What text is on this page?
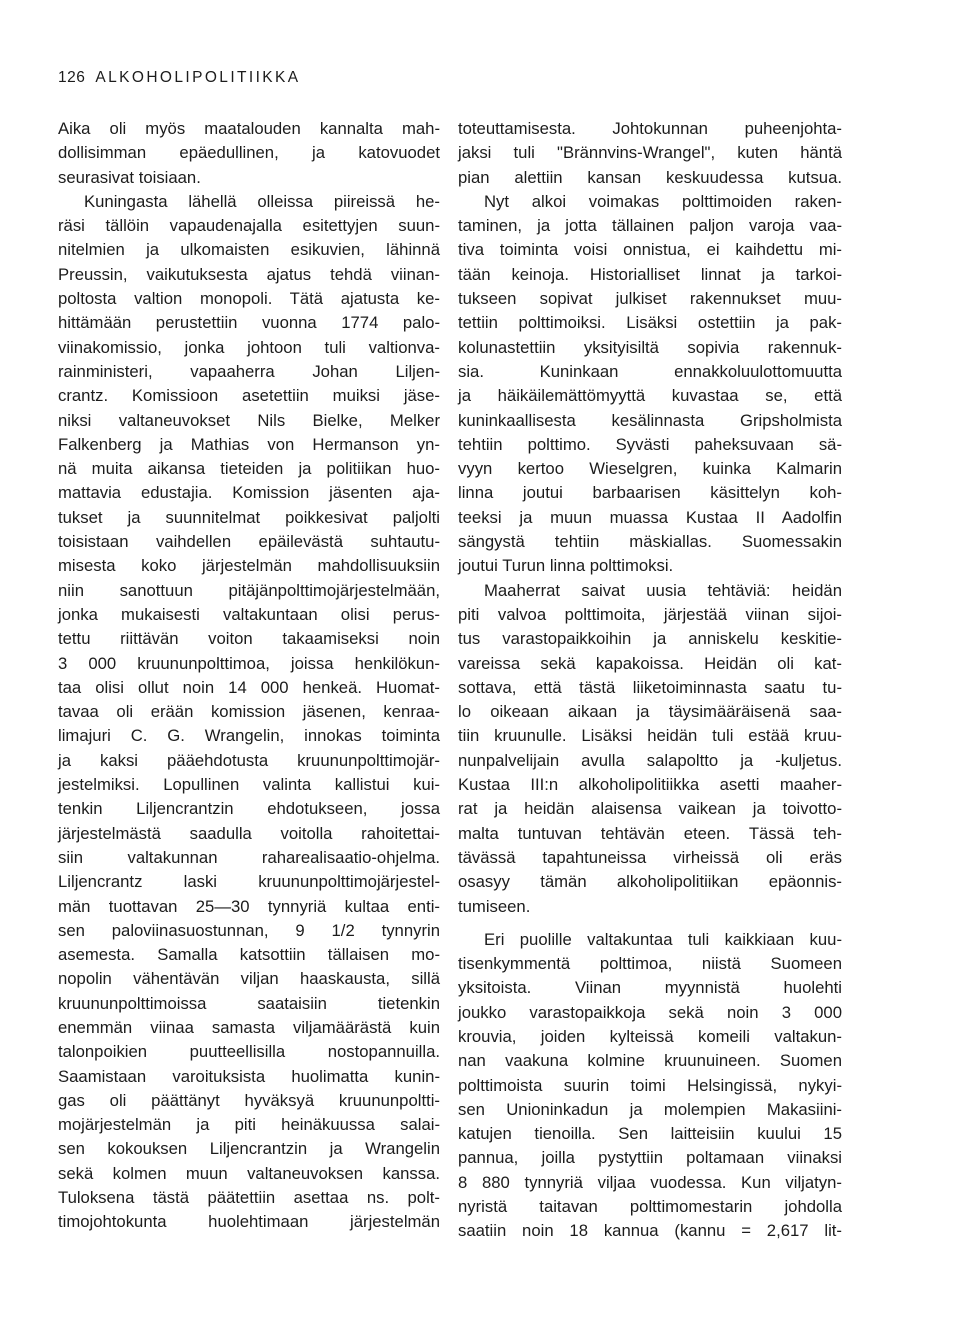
126 ALKOHOLIPOLITIIKKA
Aika oli myös maatalouden kannalta mah-
dollisimman epäedullinen, ja katovuodet
seurasivat toisiaan.
Kuningasta lähellä olleissa piireissä he-
räsi tällöin vapaudenajalla esitettyjen suun-
nitelmien ja ulkomaisten esikuvien, lähinnä
Preussin, vaikutuksesta ajatus tehdä viinan-
poltosta valtion monopoli. Tätä ajatusta ke-
hittämään perustettiin vuonna 1774 palo-
viinakomissio, jonka johtoon tuli valtionva-
rainministeri, vapaaherra Johan Liljen-
crantz. Komissioon asetettiin muiksi jäse-
niksi valtaneuvokset Nils Bielke, Melker
Falkenberg ja Mathias von Hermanson yn-
nä muita aikansa tieteiden ja politiikan huo-
mattavia edustajia. Komission jäsenten aja-
tukset ja suunnitelmat poikkesivat paljolti
toisistaan vaihdellen epäilevästä suhtautu-
misesta koko järjestelmän mahdollisuuksiin
niin sanottuun pitäjänpolttimojärjestelmään,
jonka mukaisesti valtakuntaan olisi perus-
tettu riittävän voiton takaamiseksi noin
3 000 kruununpolttimoa, joissa henkilökun-
taa olisi ollut noin 14 000 henkeä. Huomat-
tavaa oli erään komission jäsenen, kenraa-
limajuri C. G. Wrangelin, innokas toiminta
ja kaksi pääehdotusta kruununpolttimojär-
jestelmiksi. Lopullinen valinta kallistui kui-
tenkin Liljencrantzin ehdotukseen, jossa
järjestelmästä saadulla voitolla rahoitettai-
siin valtakunnan raharealisaatio-ohjelma.
Liljencrantz laski kruununpolttimojärjestel-
män tuottavan 25—30 tynnyriä kultaa enti-
sen paloviinasuostunnan, 9 1/2 tynnyrin
asemesta. Samalla katsottiin tällaisen mo-
nopolin vähentävän viljan haaskausta, sillä
kruununpolttimoissa saataisiin tietenkin
enemmän viinaa samasta viljamäärästä kuin
talonpoikien puutteellisilla nostopannuilla.
Saamistaan varoituksista huolimatta kunin-
gas oli päättänyt hyväksyä kruununpoltti-
mojärjestelmän ja piti heinäkuussa salai-
sen kokouksen Liljencrantzin ja Wrangelin
sekä kolmen muun valtaneuvoksen kanssa.
Tuloksena tästä päätettiin asettaa ns. polt-
timojohtokunta huolehtimaan järjestelmän
toteuttamisesta. Johtokunnan puheenjohta-
jaksi tuli "Brännvins-Wrangel", kuten häntä
pian alettiin kansan keskuudessa kutsua.
Nyt alkoi voimakas polttimoiden raken-
taminen, ja jotta tällainen paljon varoja vaa-
tiva toiminta voisi onnistua, ei kaihdettu mi-
tään keinoja. Historialliset linnat ja tarkoi-
tukseen sopivat julkiset rakennukset muu-
tettiin polttimoiksi. Lisäksi ostettiin ja pak-
kolunastettiin yksityisiltä sopivia rakennuk-
sia. Kuninkaan ennakkoluulottomuutta
ja häikäilemättömyyttä kuvastaa se, että
kuninkaallisesta kesälinnasta Gripsholmista
tehtiin polttimo. Syvästi paheksuvaan sä-
vyyn kertoo Wieselgren, kuinka Kalmarin
linna joutui barbaarisen käsittelyn koh-
teeksi ja muun muassa Kustaa II Aadolfin
sängystä tehtiin mäskiallas. Suomessakin
joutui Turun linna polttimoksi.
Maaherrat saivat uusia tehtäviä: heidän
piti valvoa polttimoita, järjestää viinan sijoi-
tus varastopaikkoihin ja anniskelu keskitie-
vareissa sekä kapakoissa. Heidän oli kat-
sottava, että tästä liiketoiminnasta saatu tu-
lo oikeaan aikaan ja täysimääräisenä saa-
tiin kruunulle. Lisäksi heidän tuli estää kruu-
nunpalvelijain avulla salapoltto ja -kuljetus.
Kustaa III:n alkoholipolitiikka asetti maaher-
rat ja heidän alaisensa vaikean ja toivotto-
malta tuntuvan tehtävän eteen. Tässä teh-
tävässä tapahtuneissa virheissä oli eräs
osasyy tämän alkoholipolitiikan epäonnis-
tumiseen.
Eri puolille valtakuntaa tuli kaikkiaan kuu-
tisenkymmentä polttimoa, niistä Suomeen
yksitoista. Viinan myynnistä huolehti
joukko varastopaikkoja sekä noin 3 000
krouvia, joiden kylteissä komeili valtakun-
nan vaakuna kolmine kruunuineen. Suomen
polttimoista suurin toimi Helsingissä, nykyi-
sen Unioninkadun ja molempien Makasiini-
katujen tienoilla. Sen laitteisiin kuului 15
pannua, joilla pystyttiin poltamaan viinaksi
8 880 tynnyriä viljaa vuodessa. Kun viljatyn-
nyristä taitavan polttimomestarin johdolla
saatiin noin 18 kannua (kannu = 2,617 lit-
